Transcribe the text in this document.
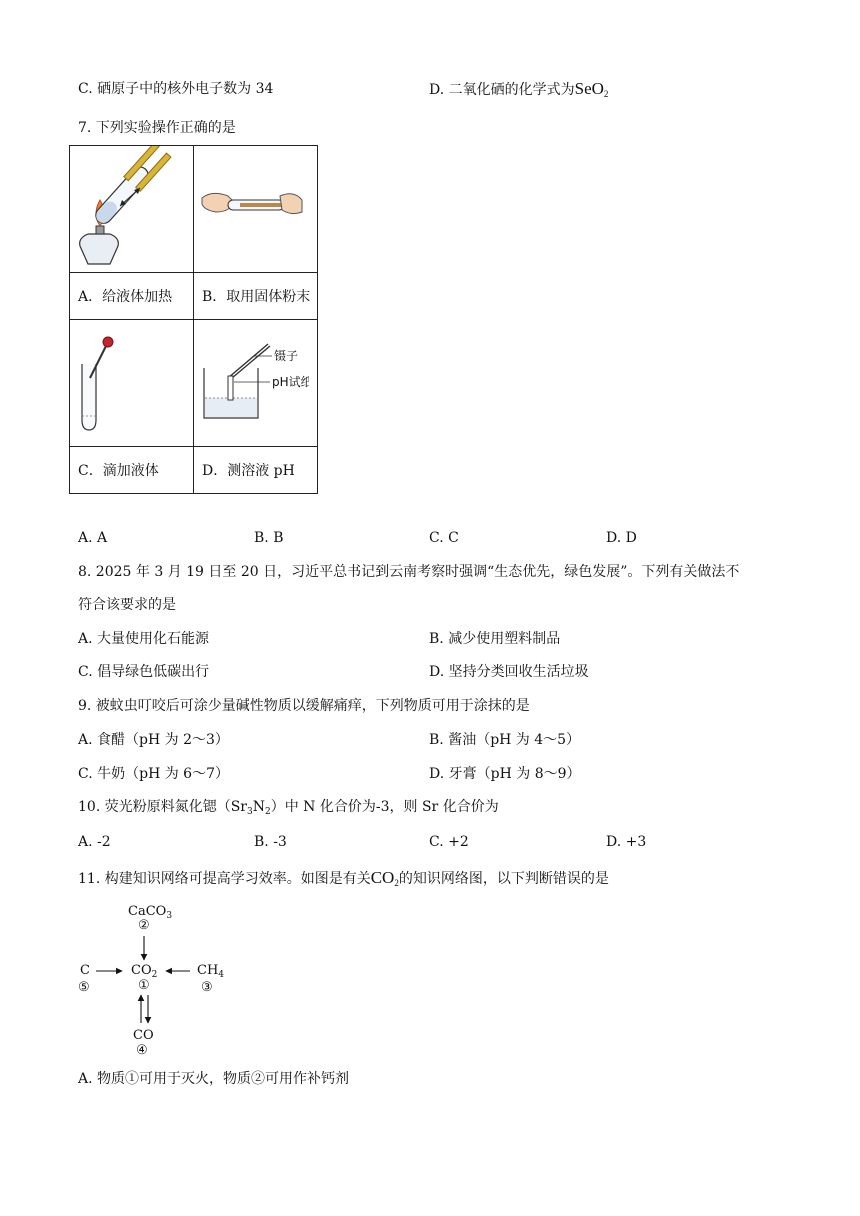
C. 硒原子中的核外电子数为 34	D. 二氧化硒的化学式为SeO$_2$
7. 下列实验操作正确的是

A．给液体加热	B．取用固体粉末

镊子
pH试纸

C．滴加液体	D．测溶液 pH
A. A	B. B	C. C	D. D
8. 2025 年 3 月 19 日至 20 日，习近平总书记到云南考察时强调“生态优先，绿色发展”。下列有关做法不
符合该要求的是
A. 大量使用化石能源	B. 减少使用塑料制品
C. 倡导绿色低碳出行	D. 坚持分类回收生活垃圾
9. 被蚊虫叮咬后可涂少量碱性物质以缓解痛痒，下列物质可用于涂抹的是
A. 食醋（pH 为 2～3）	B. 酱油（pH 为 4～5）
C. 牛奶（pH 为 6～7）	D. 牙膏（pH 为 8～9）
10. 荧光粉原料氮化锶$(Sr_3N_2)$中 N 化合价为-3，则 Sr 化合价为
A. -2	B. -3	C. +2	D. +3
11. 构建知识网络可提高学习效率。如图是有关$CO_2$的知识网络图，以下判断错误的是
CaCO$_3$
②
C
⑤
$CO_2$
①
$CH_4$
③
CO
④
A. 物质①可用于灭火，物质②可用作补钙剂
